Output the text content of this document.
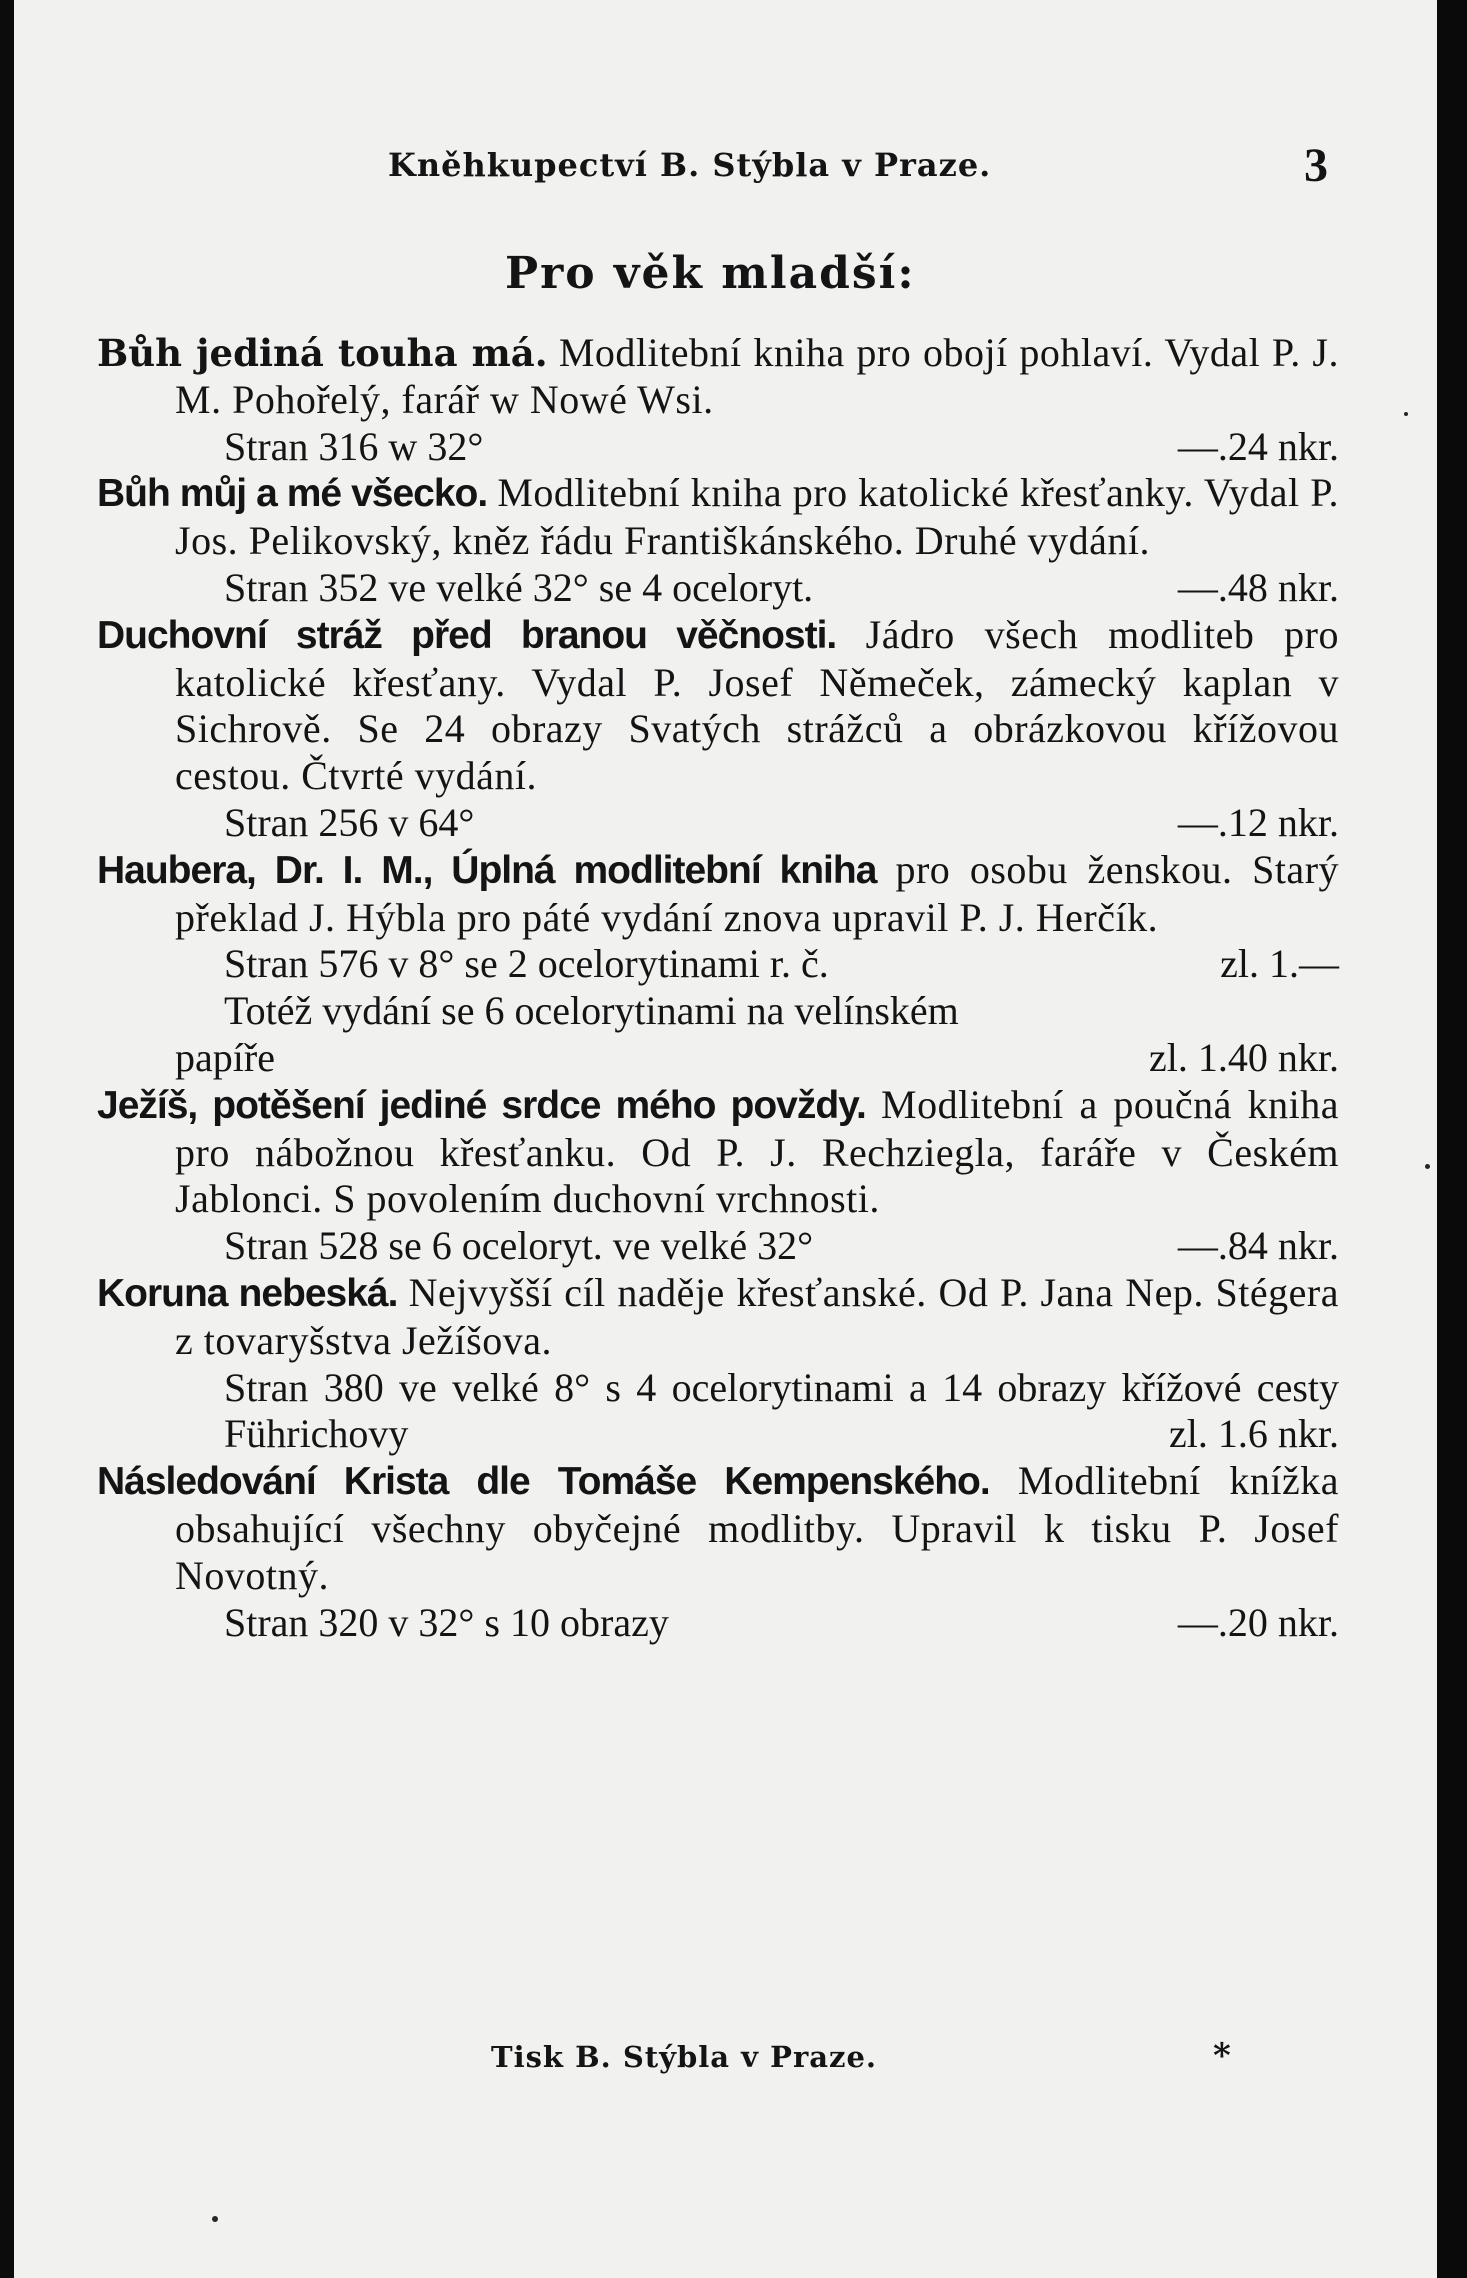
Kněhkupectví B. Stýbla v Praze.	3
Pro věk mladší:
Bůh jediná touha má. Modlitební kniha pro obojí pohlaví. Vydal P. J. M. Pohořelý, farář w Nowé Wsi.
Stran 316 w 32°	—.24 nkr.
Bůh můj a mé všecko. Modlitební kniha pro katolické křesťanky. Vydal P. Jos. Pelikovský, kněz řádu Františkánského. Druhé vydání.
Stran 352 ve velké 32° se 4 oceloryt.	—.48 nkr.
Duchovní stráž před branou věčnosti. Jádro všech modliteb pro katolické křesťany. Vydal P. Josef Němeček, zámecký kaplan v Sichrově. Se 24 obrazy Svatých strážců a obrázkovou křížovou cestou. Čtvrté vydání.
Stran 256 v 64°	—.12 nkr.
Haubera, Dr. I. M., Úplná modlitební kniha pro osobu ženskou. Starý překlad J. Hýbla pro páté vydání znova upravil P. J. Herčík.
Stran 576 v 8° se 2 ocelorytinami r. č.	zl. 1.—
Totéž vydání se 6 ocelorytinami na velínském
papíře	zl. 1.40 nkr.
Ježíš, potěšení jediné srdce mého povždy. Modlitební a poučná kniha pro nábožnou křesťanku. Od P. J. Rechziegla, faráře v Českém Jablonci. S povolením duchovní vrchnosti.
Stran 528 se 6 oceloryt. ve velké 32°	—.84 nkr.
Koruna nebeská. Nejvyšší cíl naděje křesťanské. Od P. Jana Nep. Stégera z tovaryšstva Ježíšova.
Stran 380 ve velké 8° s 4 ocelorytinami a 14 obrazy křížové cesty Führichovy	zl. 1.6 nkr.
Následování Krista dle Tomáše Kempenského. Modlitební knížka obsahující všechny obyčejné modlitby. Upravil k tisku P. Josef Novotný.
Stran 320 v 32° s 10 obrazy	—.20 nkr.
Tisk B. Stýbla v Praze.	*
